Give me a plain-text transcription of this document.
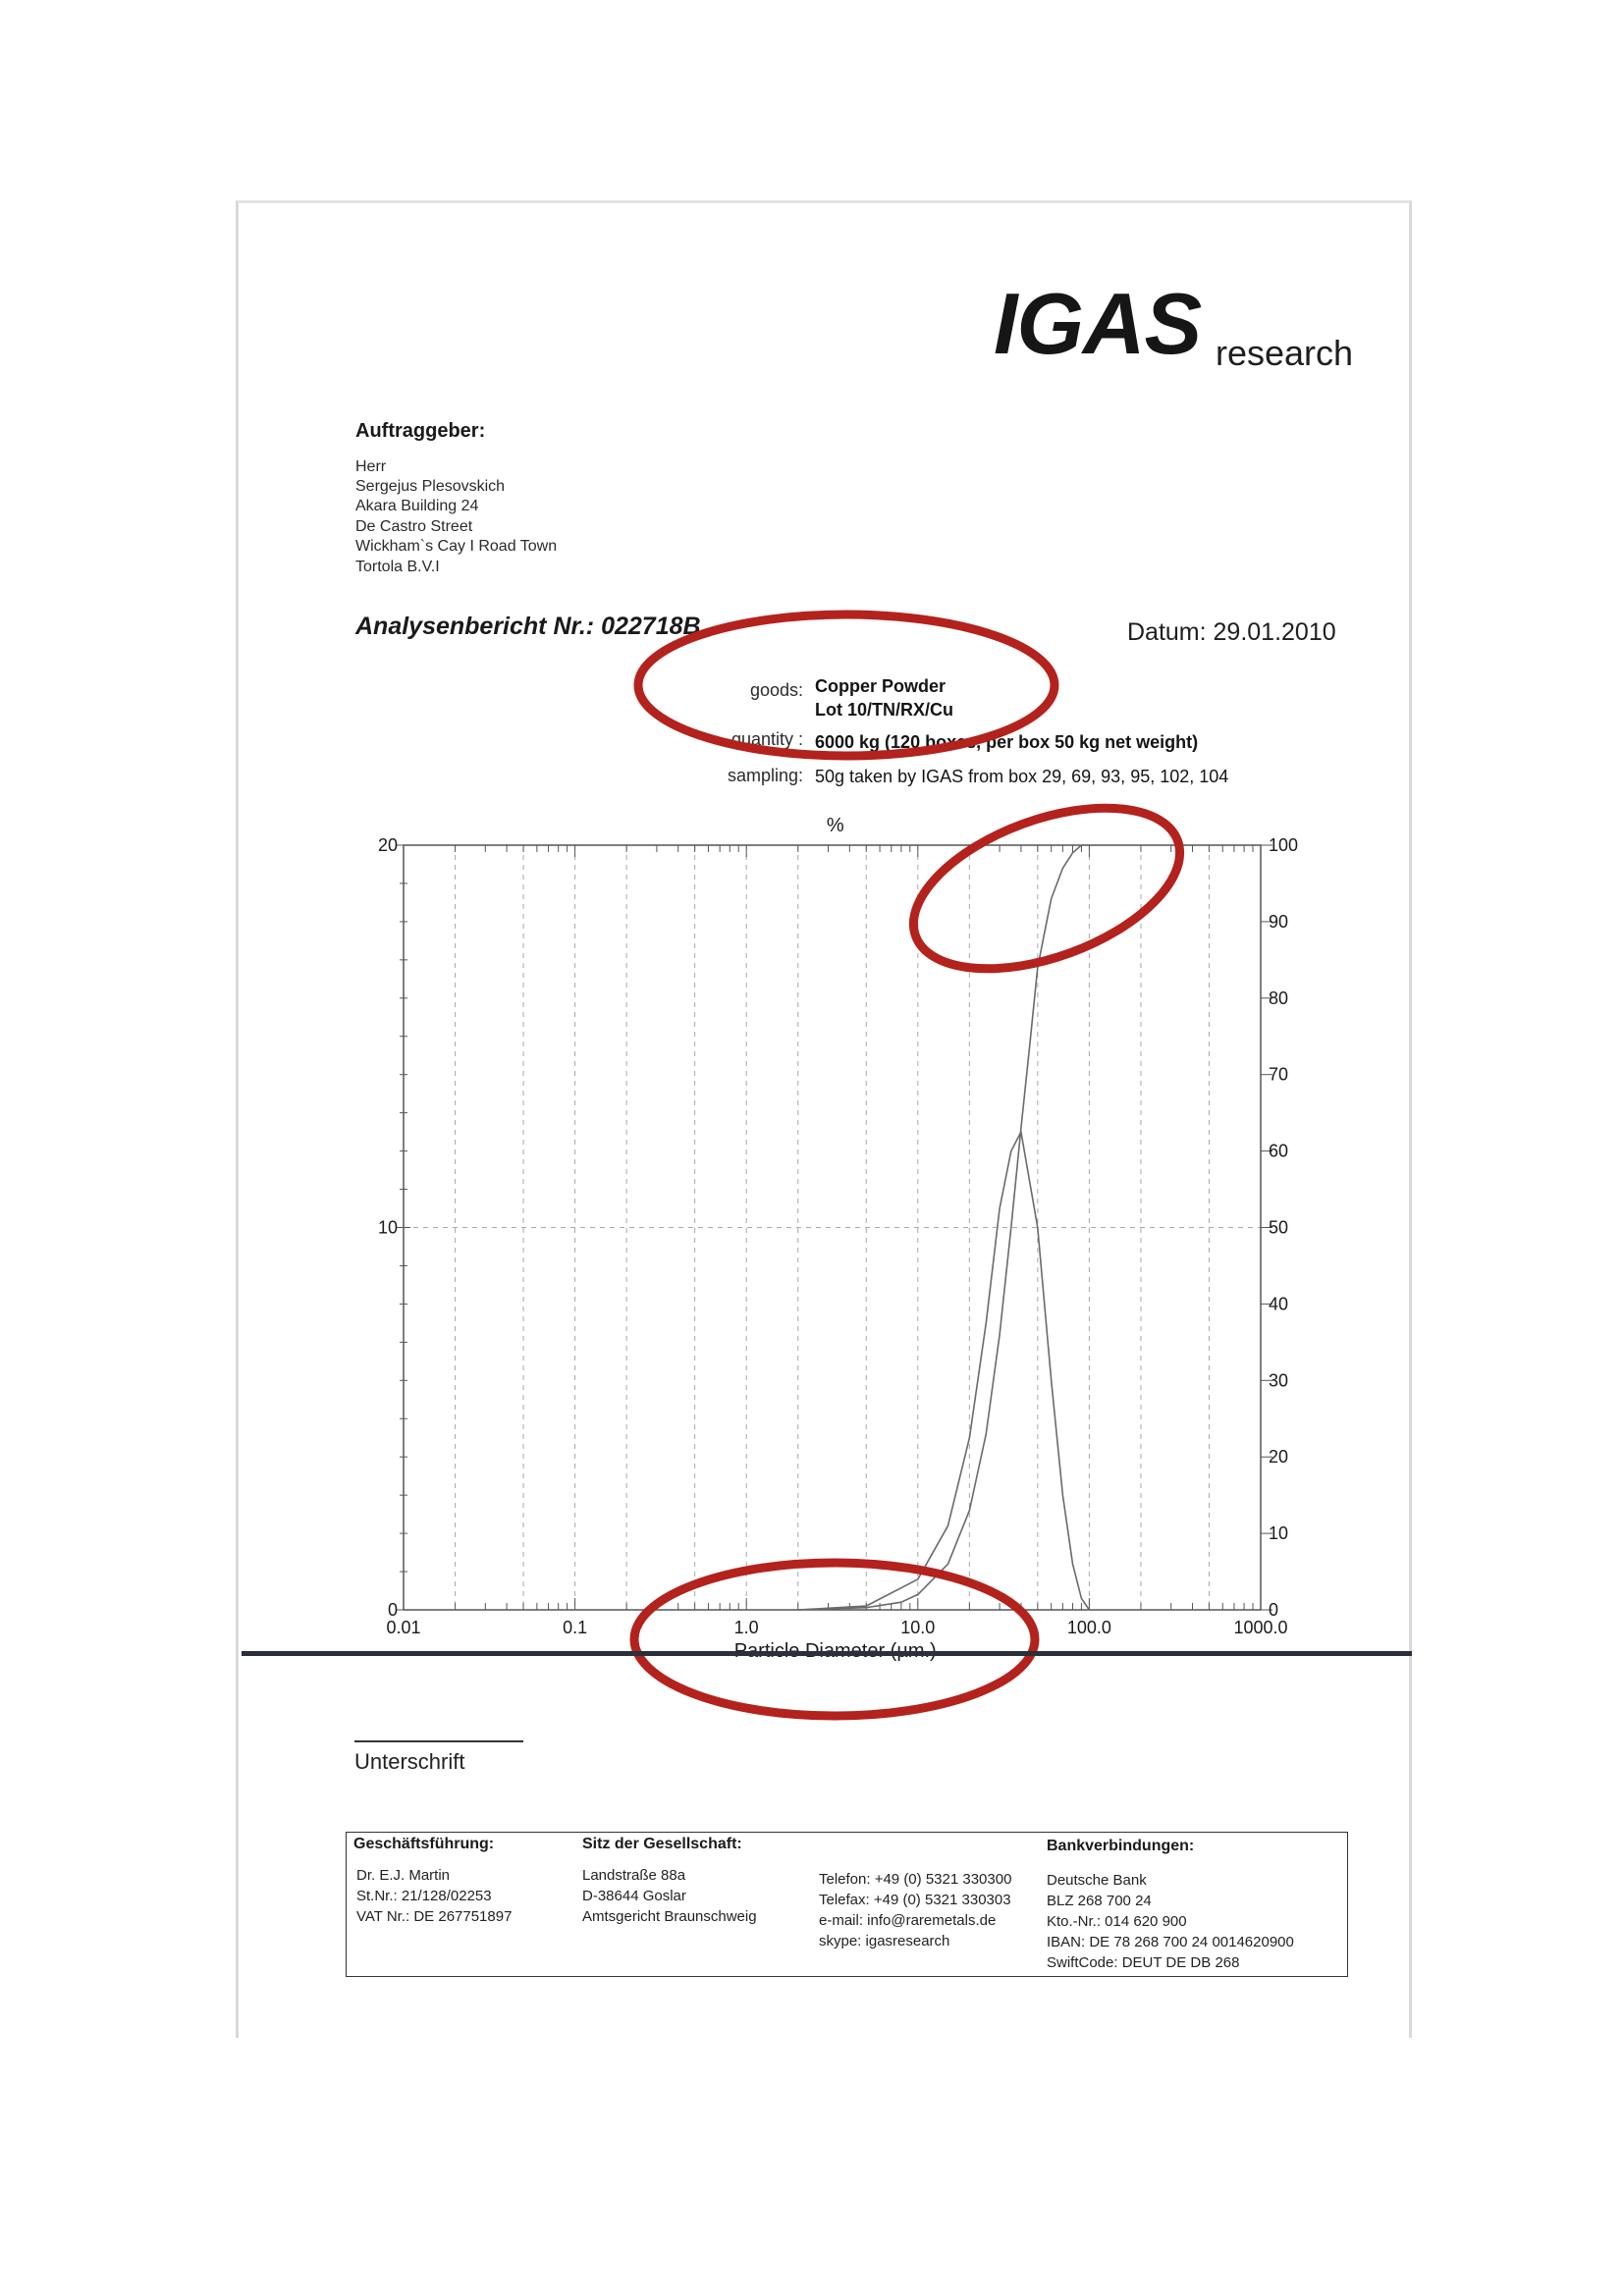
IGAS research
Auftraggeber:
Herr
Sergejus Plesovskich
Akara Building 24
De Castro Street
Wickham`s Cay I Road Town
Tortola B.V.I
Analysenbericht Nr.: 022718B	Datum: 29.01.2010
goods: Copper Powder
Lot 10/TN/RX/Cu
quantity : 6000 kg (120 boxes, per box 50 kg net weight)
sampling: 50g taken by IGAS from box 29, 69, 93, 95, 102, 104
0.01	0.1	1.0	10.0	100.0	1000.0
0
10
20
0
10
20
30
40
50
60
70
80
90
100
Particle Diameter (µm.)
%
Unterschrift
Geschäftsführung:
Dr. E.J. Martin
St.Nr.: 21/128/02253
VAT Nr.: DE 267751897
Sitz der Gesellschaft:
Landstraße 88a
D-38644 Goslar
Amtsgericht Braunschweig
Telefon: +49 (0) 5321 330300
Telefax: +49 (0) 5321 330303
e-mail: info@raremetals.de
skype: igasresearch
Bankverbindungen:
Deutsche Bank
BLZ 268 700 24
Kto.-Nr.: 014 620 900
IBAN: DE 78 268 700 24 0014620900
SwiftCode: DEUT DE DB 268
